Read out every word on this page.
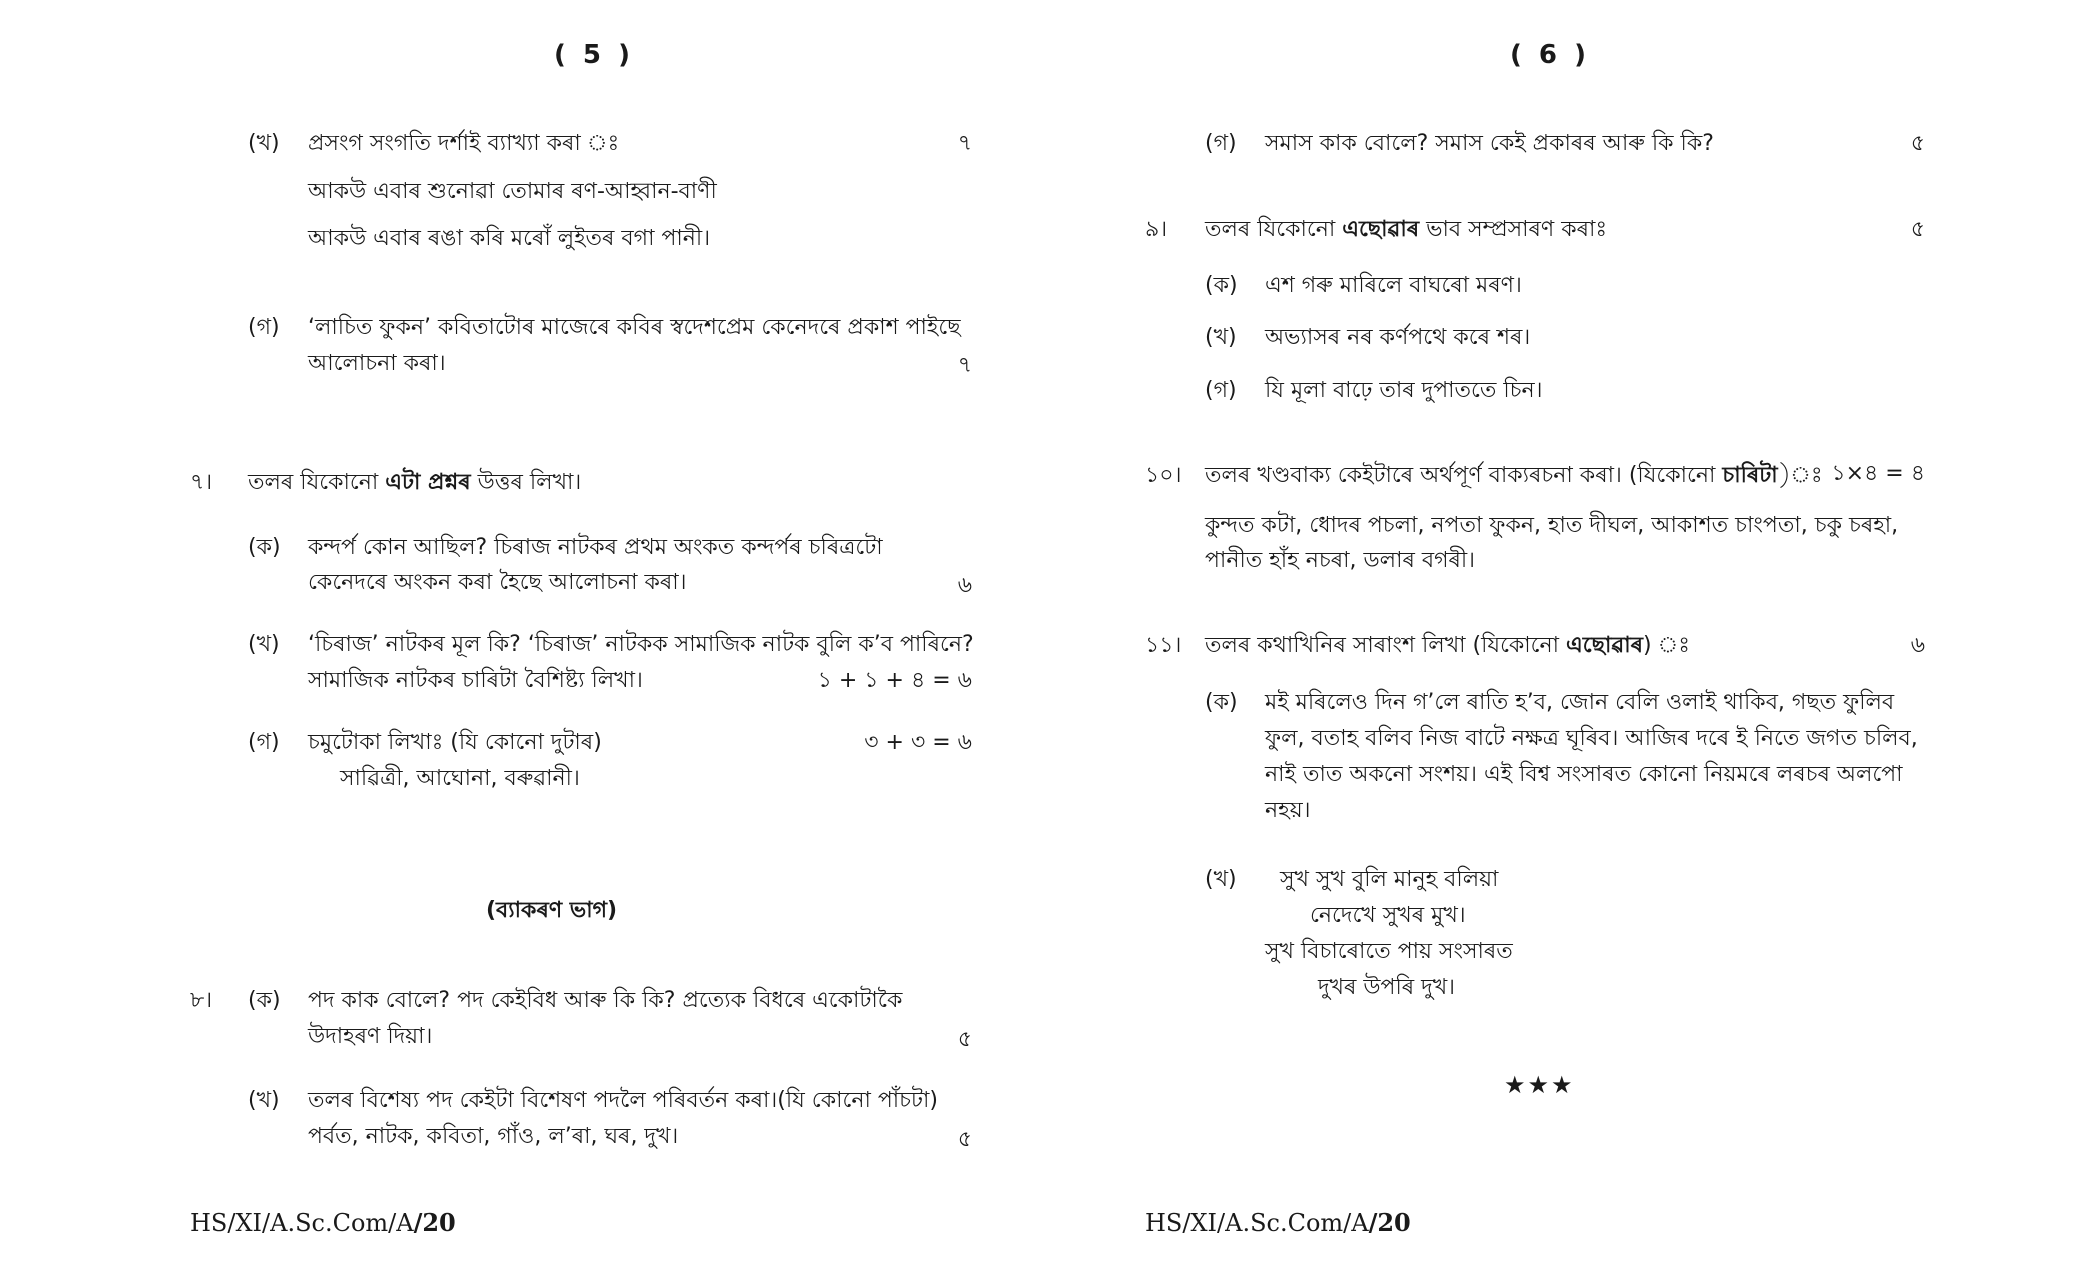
( 5 )
(খ) প্ৰসংগ সংগতি দৰ্শাই ব্যাখ্যা কৰা ঃ	৭
আকউ এবাৰ শুনোৱা তোমাৰ ৰণ-আহ্বান-বাণী
আকউ এবাৰ ৰঙা কৰি মৰোঁ লুইতৰ বগা পানী।
(গ) ‘লাচিত ফুকন’ কবিতাটোৰ মাজেৰে কবিৰ স্বদেশপ্ৰেম কেনেদৰে প্ৰকাশ পাইছে
আলোচনা কৰা।	৭
৭। তলৰ যিকোনো এটা প্ৰশ্নৰ উত্তৰ লিখা।
(ক) কন্দৰ্প কোন আছিল? চিৰাজ নাটকৰ প্ৰথম অংকত কন্দৰ্পৰ চৰিত্ৰটো
কেনেদৰে অংকন কৰা হৈছে আলোচনা কৰা।	৬
(খ) ‘চিৰাজ’ নাটকৰ মূল কি? ‘চিৰাজ’ নাটকক সামাজিক নাটক বুলি ক’ব পাৰিনে?
সামাজিক নাটকৰ চাৰিটা বৈশিষ্ট্য লিখা।	১ + ১ + ৪ = ৬
(গ) চমুটোকা লিখাঃ (যি কোনো দুটাৰ)	৩ + ৩ = ৬
সাৱিত্ৰী, আঘোনা, বৰুৱানী।
(ব্যাকৰণ ভাগ)
৮। (ক) পদ কাক বোলে? পদ কেইবিধ আৰু কি কি? প্ৰত্যেক বিধৰে একোটাকৈ
উদাহৰণ দিয়া।	৫
(খ) তলৰ বিশেষ্য পদ কেইটা বিশেষণ পদলৈ পৰিবৰ্তন কৰা।(যি কোনো পাঁচটা)
পৰ্বত, নাটক, কবিতা, গাঁও, ল’ৰা, ঘৰ, দুখ।	৫
HS/XI/A.Sc.Com/A/20
( 6 )
(গ) সমাস কাক বোলে? সমাস কেই প্ৰকাৰৰ আৰু কি কি?	৫
৯। তলৰ যিকোনো এছোৱাৰ ভাব সম্প্ৰসাৰণ কৰাঃ	৫
(ক) এশ গৰু মাৰিলে বাঘৰো মৰণ।
(খ) অভ্যাসৰ নৰ কৰ্ণপথে কৰে শৰ।
(গ) যি মূলা বাঢ়ে তাৰ দুপাততে চিন।
১০। তলৰ খণ্ডবাক্য কেইটাৰে অৰ্থপূৰ্ণ বাক্যৰচনা কৰা। (যিকোনো চাৰিটা)ঃ ১×৪ = ৪
কুন্দত কটা, ধোদৰ পচলা, নপতা ফুকন, হাত দীঘল, আকাশত চাংপতা, চকু চৰহা,
পানীত হাঁহ নচৰা, ডলাৰ বগৰী।
১১। তলৰ কথাখিনিৰ সাৰাংশ লিখা (যিকোনো এছোৱাৰ) ঃ	৬
(ক) মই মৰিলেও দিন গ’লে ৰাতি হ’ব, জোন বেলি ওলাই থাকিব, গছত ফুলিব
ফুল, বতাহ বলিব নিজ বাটে নক্ষত্ৰ ঘূৰিব। আজিৰ দৰে ই নিতে জগত চলিব,
নাই তাত অকনো সংশয়। এই বিশ্ব সংসাৰত কোনো নিয়মৰে লৰচৰ অলপো
নহয়।
(খ) সুখ সুখ বুলি মানুহ বলিয়া
নেদেখে সুখৰ মুখ।
সুখ বিচাৰোতে পায় সংসাৰত
দুখৰ উপৰি দুখ।
★★★
HS/XI/A.Sc.Com/A/20
